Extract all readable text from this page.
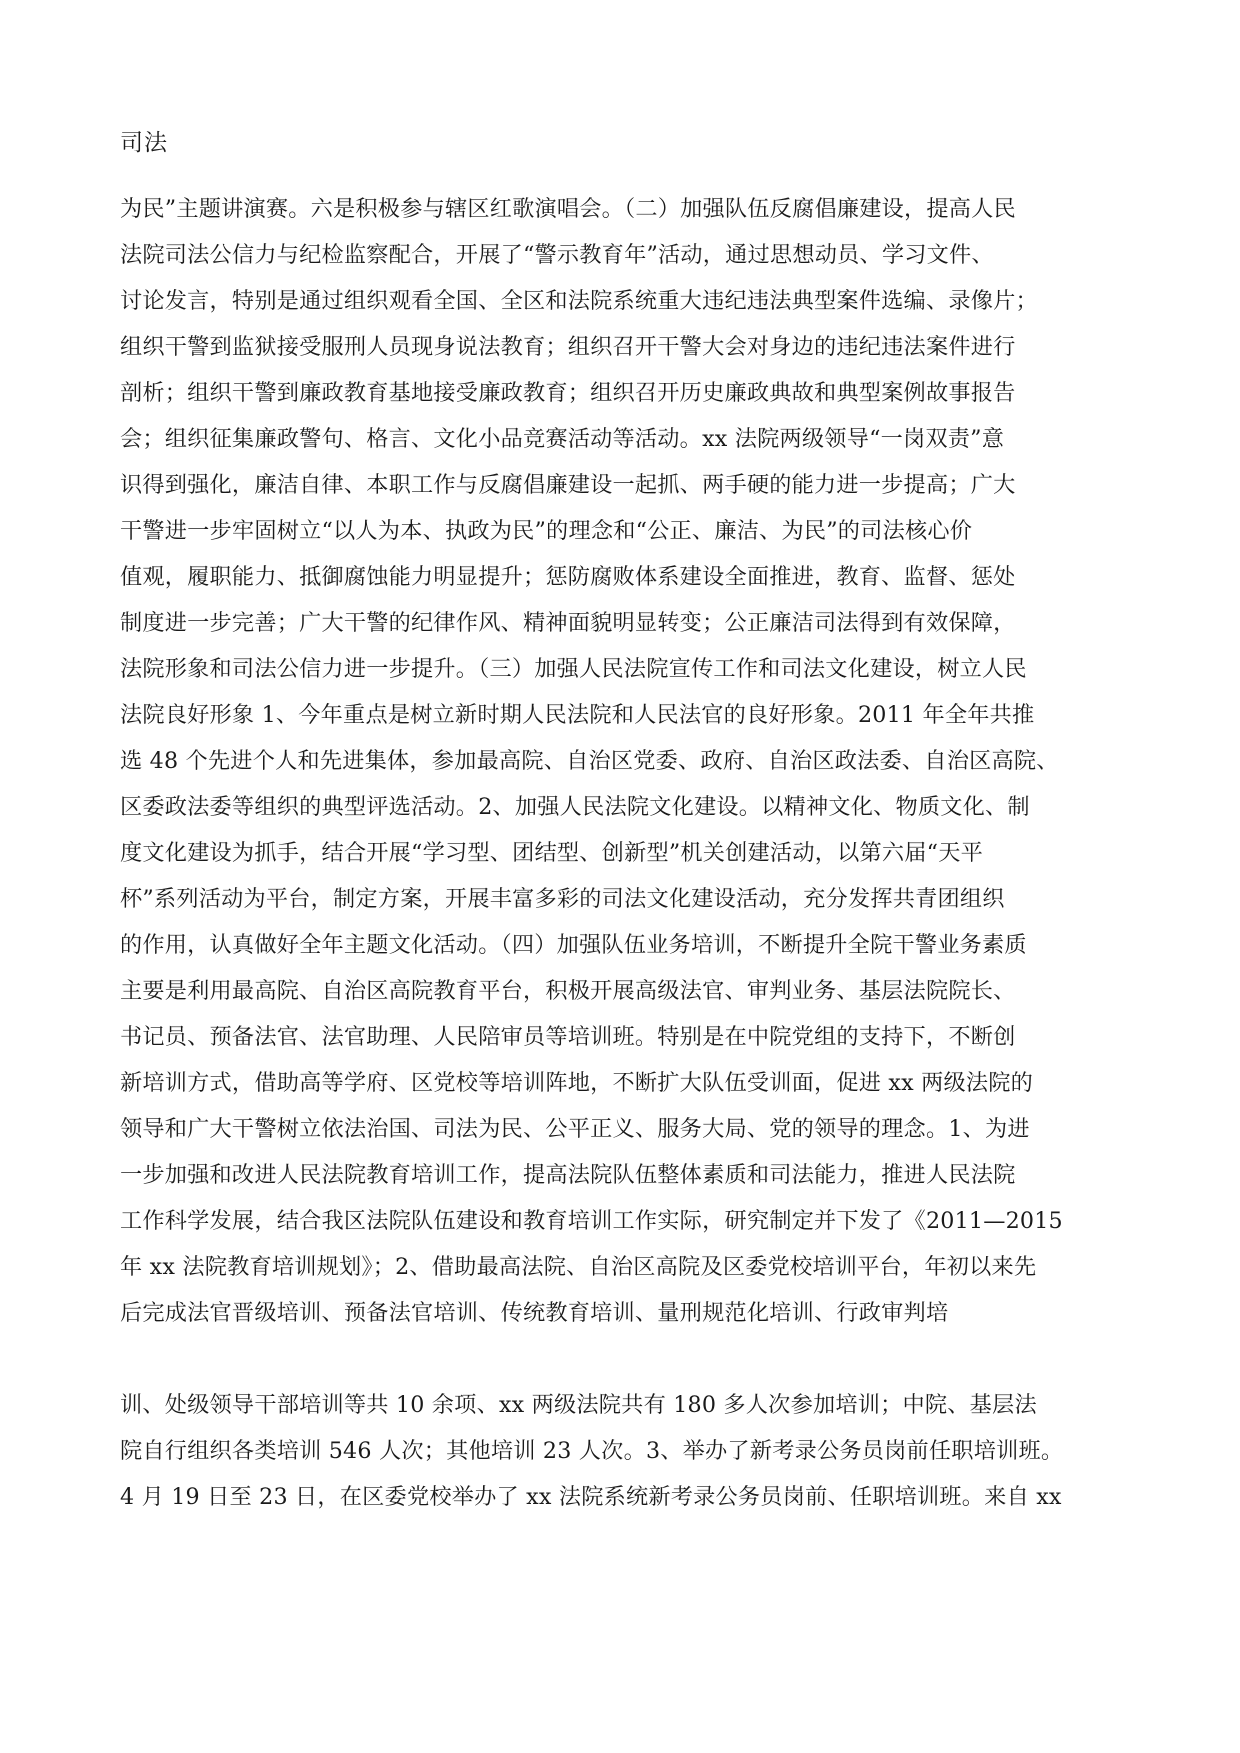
司法
为民”主题讲演赛。六是积极参与辖区红歌演唱会。（二）加强队伍反腐倡廉建设，提高人民
法院司法公信力与纪检监察配合，开展了“警示教育年”活动，通过思想动员、学习文件、
讨论发言，特别是通过组织观看全国、全区和法院系统重大违纪违法典型案件选编、录像片；
组织干警到监狱接受服刑人员现身说法教育；组织召开干警大会对身边的违纪违法案件进行
剖析；组织干警到廉政教育基地接受廉政教育；组织召开历史廉政典故和典型案例故事报告
会；组织征集廉政警句、格言、文化小品竞赛活动等活动。xx 法院两级领导“一岗双责”意
识得到强化，廉洁自律、本职工作与反腐倡廉建设一起抓、两手硬的能力进一步提高；广大
干警进一步牢固树立“以人为本、执政为民”的理念和“公正、廉洁、为民”的司法核心价
值观，履职能力、抵御腐蚀能力明显提升；惩防腐败体系建设全面推进，教育、监督、惩处
制度进一步完善；广大干警的纪律作风、精神面貌明显转变；公正廉洁司法得到有效保障，
法院形象和司法公信力进一步提升。（三）加强人民法院宣传工作和司法文化建设，树立人民
法院良好形象 1、今年重点是树立新时期人民法院和人民法官的良好形象。2011 年全年共推
选 48 个先进个人和先进集体，参加最高院、自治区党委、政府、自治区政法委、自治区高院、
区委政法委等组织的典型评选活动。2、加强人民法院文化建设。以精神文化、物质文化、制
度文化建设为抓手，结合开展“学习型、团结型、创新型”机关创建活动，以第六届“天平
杯”系列活动为平台，制定方案，开展丰富多彩的司法文化建设活动，充分发挥共青团组织
的作用，认真做好全年主题文化活动。（四）加强队伍业务培训，不断提升全院干警业务素质
主要是利用最高院、自治区高院教育平台，积极开展高级法官、审判业务、基层法院院长、
书记员、预备法官、法官助理、人民陪审员等培训班。特别是在中院党组的支持下，不断创
新培训方式，借助高等学府、区党校等培训阵地，不断扩大队伍受训面，促进 xx 两级法院的
领导和广大干警树立依法治国、司法为民、公平正义、服务大局、党的领导的理念。1、为进
一步加强和改进人民法院教育培训工作，提高法院队伍整体素质和司法能力，推进人民法院
工作科学发展，结合我区法院队伍建设和教育培训工作实际，研究制定并下发了《2011—2015
年 xx 法院教育培训规划》；2、借助最高法院、自治区高院及区委党校培训平台，年初以来先
后完成法官晋级培训、预备法官培训、传统教育培训、量刑规范化培训、行政审判培
训、处级领导干部培训等共 10 余项、xx 两级法院共有 180 多人次参加培训；中院、基层法
院自行组织各类培训 546 人次；其他培训 23 人次。3、举办了新考录公务员岗前任职培训班。
4 月 19 日至 23 日，在区委党校举办了 xx 法院系统新考录公务员岗前、任职培训班。来自 xx
